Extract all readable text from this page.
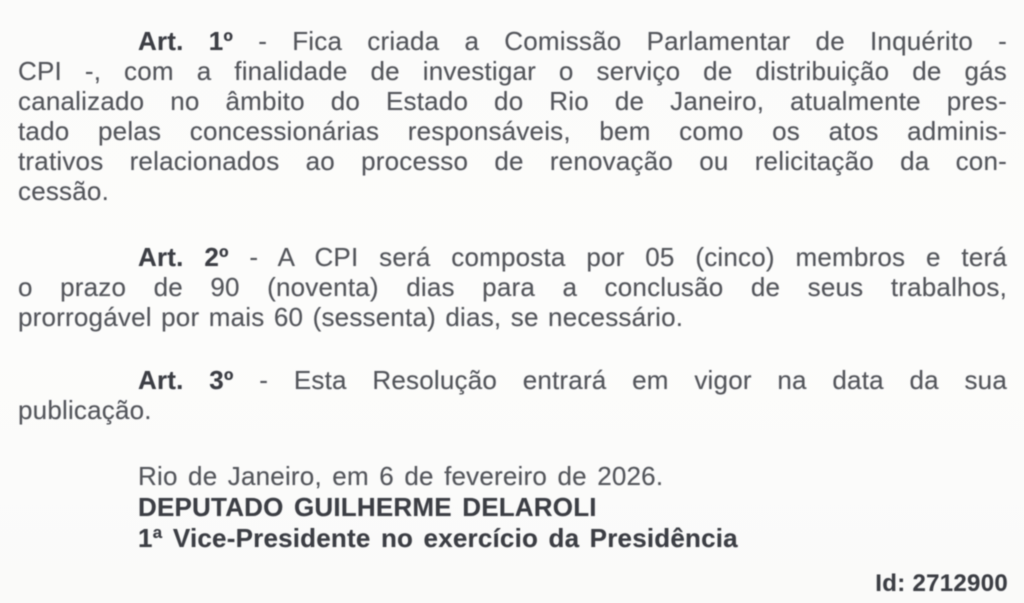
Art. 1º - Fica criada a Comissão Parlamentar de Inquérito -
CPI -, com a finalidade de investigar o serviço de distribuição de gás
canalizado no âmbito do Estado do Rio de Janeiro, atualmente pres-
tado pelas concessionárias responsáveis, bem como os atos adminis-
trativos relacionados ao processo de renovação ou relicitação da con-
cessão.
Art. 2º - A CPI será composta por 05 (cinco) membros e terá
o prazo de 90 (noventa) dias para a conclusão de seus trabalhos,
prorrogável por mais 60 (sessenta) dias, se necessário.
Art. 3º - Esta Resolução entrará em vigor na data da sua
publicação.
Rio de Janeiro, em 6 de fevereiro de 2026.
DEPUTADO GUILHERME DELAROLI
1ª Vice-Presidente no exercício da Presidência
Id: 2712900
